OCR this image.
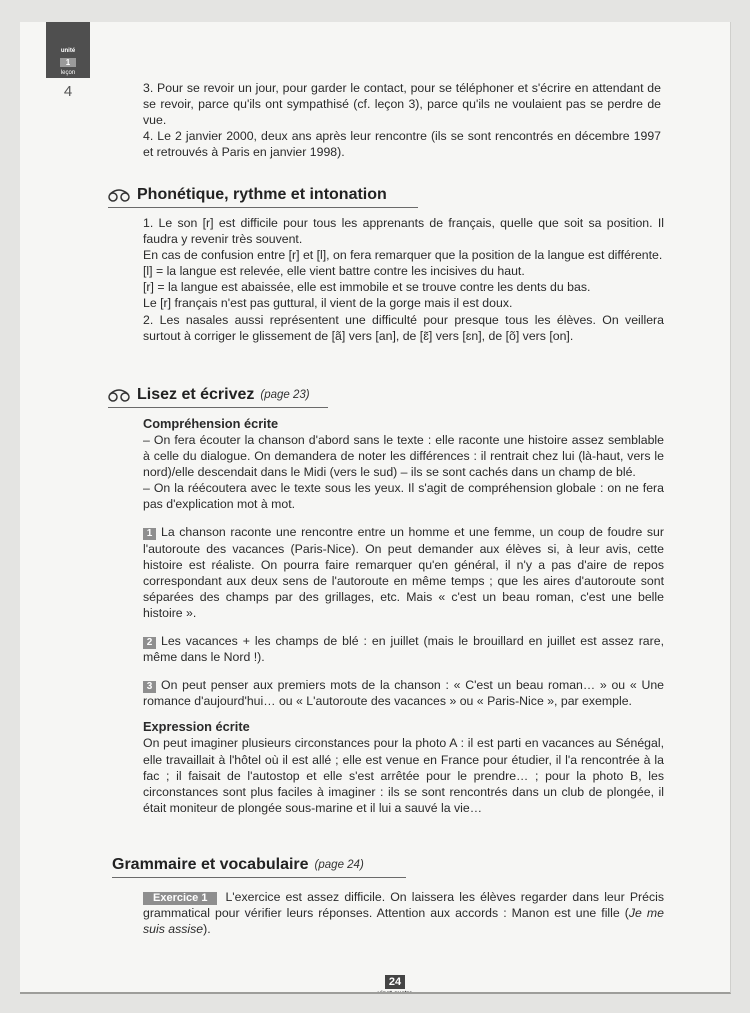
unité
1
leçon
4	3. Pour se revoir un jour, pour garder le contact, pour se téléphoner et s'écrire en attendant de se revoir, parce qu'ils ont sympathisé (cf. leçon 3), parce qu'ils ne voulaient pas se perdre de vue.

4. Le 2 janvier 2000, deux ans après leur rencontre (ils se sont rencontrés en décembre 1997 et retrouvés à Paris en janvier 1998).

Phonétique, rythme et intonation

1. Le son [r] est difficile pour tous les apprenants de français, quelle que soit sa position. Il faudra y revenir très souvent.

En cas de confusion entre [r] et [l], on fera remarquer que la position de la langue est différente.

[l] = la langue est relevée, elle vient battre contre les incisives du haut.

[r] = la langue est abaissée, elle est immobile et se trouve contre les dents du bas.

Le [r] français n'est pas guttural, il vient de la gorge mais il est doux.

2. Les nasales aussi représentent une difficulté pour presque tous les élèves. On veillera surtout à corriger le glissement de [ã] vers [an], de [ɛ̃] vers [ɛn], de [õ] vers [on].

Lisez et écrivez (page 23)

Compréhension écrite

– On fera écouter la chanson d'abord sans le texte : elle raconte une histoire assez semblable à celle du dialogue. On demandera de noter les différences : il rentrait chez lui (là-haut, vers le nord)/elle descendait dans le Midi (vers le sud) – ils se sont cachés dans un champ de blé.

– On la réécoutera avec le texte sous les yeux. Il s'agit de compréhension globale : on ne fera pas d'explication mot à mot.

1 La chanson raconte une rencontre entre un homme et une femme, un coup de foudre sur l'autoroute des vacances (Paris-Nice). On peut demander aux élèves si, à leur avis, cette histoire est réaliste. On pourra faire remarquer qu'en général, il n'y a pas d'aire de repos correspondant aux deux sens de l'autoroute en même temps ; que les aires d'autoroute sont séparées des champs par des grillages, etc. Mais « c'est un beau roman, c'est une belle histoire ».

2 Les vacances + les champs de blé : en juillet (mais le brouillard en juillet est assez rare, même dans le Nord !).

3 On peut penser aux premiers mots de la chanson : « C'est un beau roman… » ou « Une romance d'aujourd'hui… ou « L'autoroute des vacances » ou « Paris-Nice », par exemple.

Expression écrite

On peut imaginer plusieurs circonstances pour la photo A : il est parti en vacances au Sénégal, elle travaillait à l'hôtel où il est allé ; elle est venue en France pour étudier, il l'a rencontrée à la fac ; il faisait de l'autostop et elle s'est arrêtée pour le prendre… ; pour la photo B, les circonstances sont plus faciles à imaginer : ils se sont rencontrés dans un club de plongée, il était moniteur de plongée sous-marine et il lui a sauvé la vie…

Grammaire et vocabulaire (page 24)

Exercice 1 L'exercice est assez difficile. On laissera les élèves regarder dans leur Précis grammatical pour vérifier leurs réponses. Attention aux accords : Manon est une fille (Je me suis assise).

24
vingt-quatre
